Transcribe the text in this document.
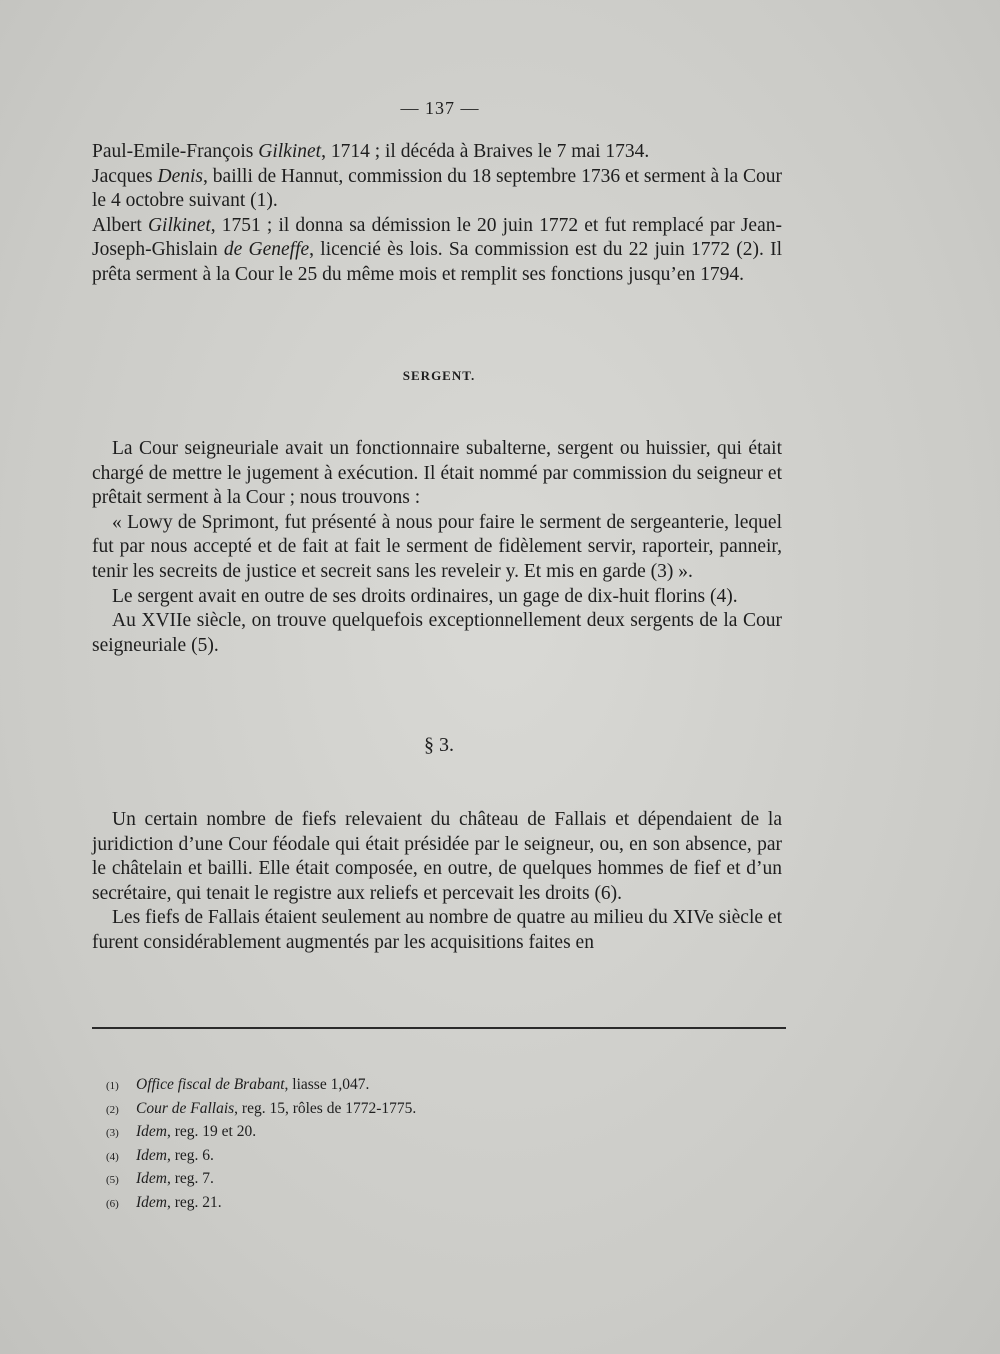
— 137 —

Paul-Emile-François Gilkinet, 1714 ; il décéda à Braives le 7 mai 1734.

Jacques Denis, bailli de Hannut, commission du 18 septembre 1736 et serment à la Cour le 4 octobre suivant (1).

Albert Gilkinet, 1751 ; il donna sa démission le 20 juin 1772 et fut remplacé par Jean-Joseph-Ghislain de Geneffe, licencié ès lois. Sa commission est du 22 juin 1772 (2). Il prêta serment à la Cour le 25 du même mois et remplit ses fonctions jusqu’en 1794.

SERGENT.

La Cour seigneuriale avait un fonctionnaire subalterne, sergent ou huissier, qui était chargé de mettre le jugement à exécution. Il était nommé par commission du seigneur et prêtait serment à la Cour ; nous trouvons :

« Lowy de Sprimont, fut présenté à nous pour faire le serment de sergeanterie, lequel fut par nous accepté et de fait at fait le serment de fidèlement servir, raporteir, panneir, tenir les secreits de justice et secreit sans les reveleir y. Et mis en garde (3) ».

Le sergent avait en outre de ses droits ordinaires, un gage de dix-huit florins (4).

Au XVIIe siècle, on trouve quelquefois exceptionnellement deux sergents de la Cour seigneuriale (5).

§ 3.

Un certain nombre de fiefs relevaient du château de Fallais et dépendaient de la juridiction d’une Cour féodale qui était présidée par le seigneur, ou, en son absence, par le châtelain et bailli. Elle était composée, en outre, de quelques hommes de fief et d’un secrétaire, qui tenait le registre aux reliefs et percevait les droits (6).

Les fiefs de Fallais étaient seulement au nombre de quatre au milieu du XIVe siècle et furent considérablement augmentés par les acquisitions faites en

(1) Office fiscal de Brabant, liasse 1,047.
(2) Cour de Fallais, reg. 15, rôles de 1772-1775.
(3) Idem, reg. 19 et 20.
(4) Idem, reg. 6.
(5) Idem, reg. 7.
(6) Idem, reg. 21.
